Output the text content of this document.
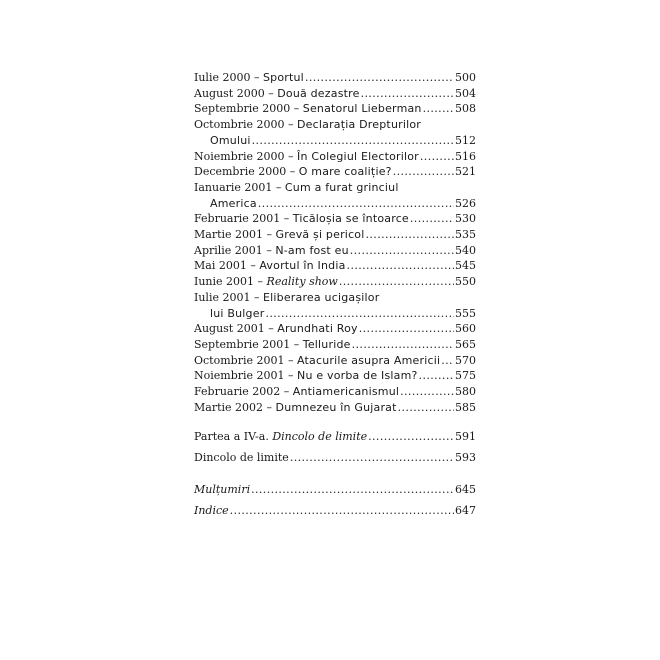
Iulie 2000 – Sportul .....	500
August 2000 – Două dezastre .....	504
Septembrie 2000 – Senatorul Lieberman .....	508
Octombrie 2000 – Declarația Drepturilor
Omului .....	512
Noiembrie 2000 – În Colegiul Electorilor .....	516
Decembrie 2000 – O mare coaliție? .....	521
Ianuarie 2001 – Cum a furat grinciul
America .....	526
Februarie 2001 – Ticăloșia se întoarce .....	530
Martie 2001 – Grevă și pericol .....	535
Aprilie 2001 – N-am fost eu .....	540
Mai 2001 – Avortul în India .....	545
Iunie 2001 – Reality show .....	550
Iulie 2001 – Eliberarea ucigașilor
lui Bulger .....	555
August 2001 – Arundhati Roy .....	560
Septembrie 2001 – Telluride .....	565
Octombrie 2001 – Atacurile asupra Americii ..... 570
Noiembrie 2001 – Nu e vorba de Islam? .....	575
Februarie 2002 – Antiamericanismul .....	580
Martie 2002 – Dumnezeu în Gujarat .....	585
Partea a IV-a. Dincolo de limite .....	591
Dincolo de limite .....	593
Mulțumiri .....	645
Indice .....	647
